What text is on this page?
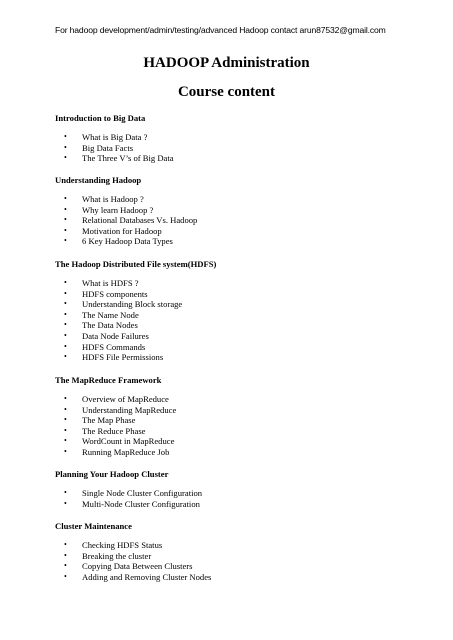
For hadoop development/admin/testing/advanced Hadoop contact arun87532@gmail.com
HADOOP Administration
Course content
Introduction to Big Data
• What is Big Data ?
• Big Data Facts
• The Three V’s of Big Data
Understanding Hadoop
• What is Hadoop ?
• Why learn Hadoop ?
• Relational Databases Vs. Hadoop
• Motivation for Hadoop
• 6 Key Hadoop Data Types
The Hadoop Distributed File system(HDFS)
• What is HDFS ?
• HDFS components
• Understanding Block storage
• The Name Node
• The Data Nodes
• Data Node Failures
• HDFS Commands
• HDFS File Permissions
The MapReduce Framework
• Overview of MapReduce
• Understanding MapReduce
• The Map Phase
• The Reduce Phase
• WordCount in MapReduce
• Running MapReduce Job
Planning Your Hadoop Cluster
• Single Node Cluster Configuration
• Multi-Node Cluster Configuration
Cluster Maintenance
• Checking HDFS Status
• Breaking the cluster
• Copying Data Between Clusters
• Adding and Removing Cluster Nodes
